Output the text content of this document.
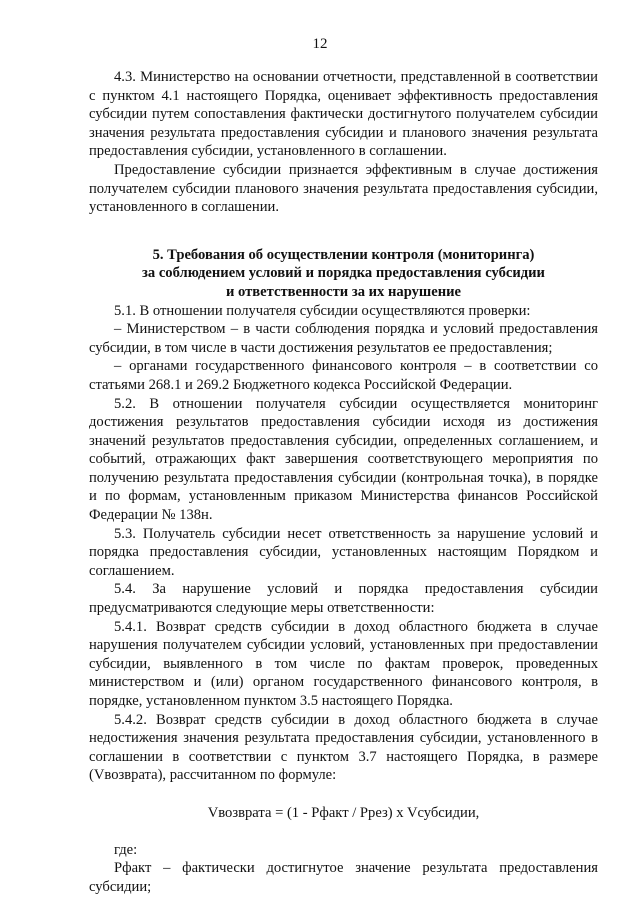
12

4.3. Министерство на основании отчетности, представленной в соответствии с пунктом 4.1 настоящего Порядка, оценивает эффективность предоставления субсидии путем сопоставления фактически достигнутого получателем субсидии значения результата предоставления субсидии и планового значения результата предоставления субсидии, установленного в соглашении.

Предоставление субсидии признается эффективным в случае достижения получателем субсидии планового значения результата предоставления субсидии, установленного в соглашении.

5. Требования об осуществлении контроля (мониторинга)
за соблюдением условий и порядка предоставления субсидии
и ответственности за их нарушение

5.1. В отношении получателя субсидии осуществляются проверки:

– Министерством – в части соблюдения порядка и условий предоставления субсидии, в том числе в части достижения результатов ее предоставления;

– органами государственного финансового контроля – в соответствии со статьями 268.1 и 269.2 Бюджетного кодекса Российской Федерации.

5.2. В отношении получателя субсидии осуществляется мониторинг достижения результатов предоставления субсидии исходя из достижения значений результатов предоставления субсидии, определенных соглашением, и событий, отражающих факт завершения соответствующего мероприятия по получению результата предоставления субсидии (контрольная точка), в порядке и по формам, установленным приказом Министерства финансов Российской Федерации № 138н.

5.3. Получатель субсидии несет ответственность за нарушение условий и порядка предоставления субсидии, установленных настоящим Порядком и соглашением.

5.4. За нарушение условий и порядка предоставления субсидии предусматриваются следующие меры ответственности:

5.4.1. Возврат средств субсидии в доход областного бюджета в случае нарушения получателем субсидии условий, установленных при предоставлении субсидии, выявленного в том числе по фактам проверок, проведенных министерством и (или) органом государственного финансового контроля, в порядке, установленном пунктом 3.5 настоящего Порядка.

5.4.2. Возврат средств субсидии в доход областного бюджета в случае недостижения значения результата предоставления субсидии, установленного в соглашении в соответствии с пунктом 3.7 настоящего Порядка, в размере (Vвозврата), рассчитанном по формуле:

Vвозврата = (1 - Рфакт / Ррез) x Vсубсидии,

где:

Рфакт – фактически достигнутое значение результата предоставления субсидии;
